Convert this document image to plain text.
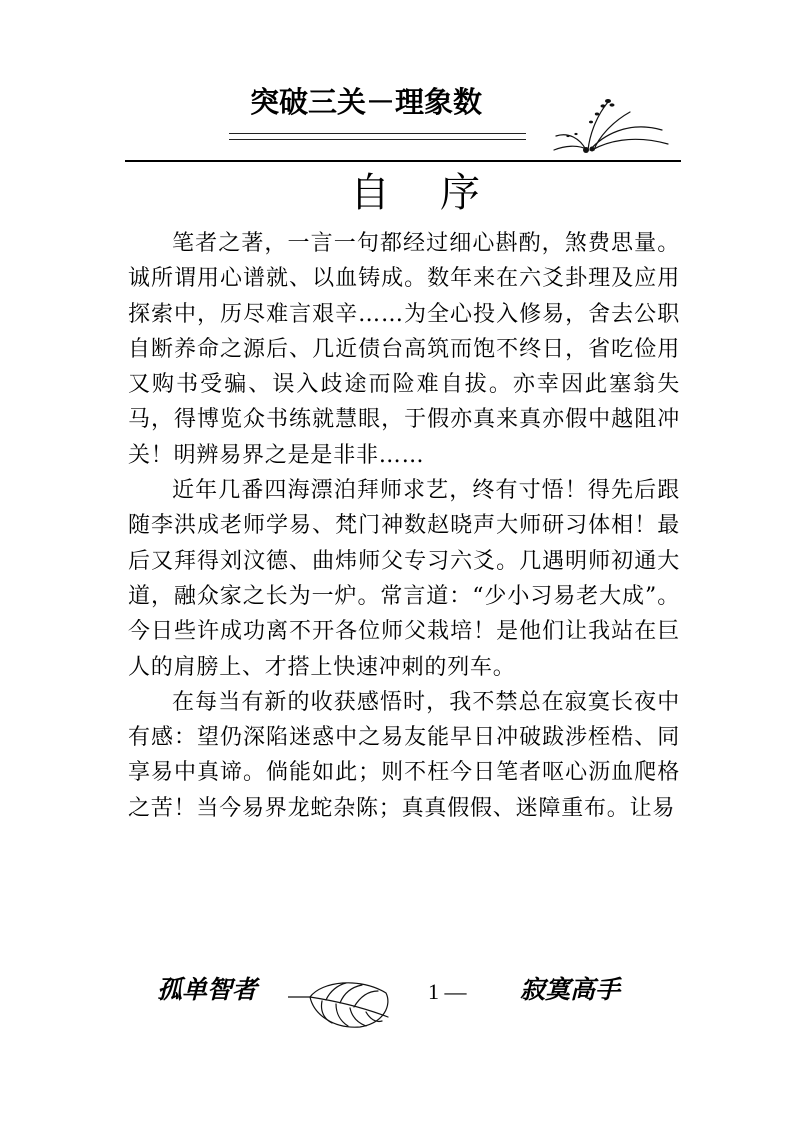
突破三关－理象数
自序

笔者之著，一言一句都经过细心斟酌，煞费思量。诚所谓用心谱就、以血铸成。数年来在六爻卦理及应用探索中，历尽难言艰辛……为全心投入修易，舍去公职自断养命之源后、几近债台高筑而饱不终日，省吃俭用又购书受骗、误入歧途而险难自拔。亦幸因此塞翁失马，得博览众书练就慧眼，于假亦真来真亦假中越阻冲关！明辨易界之是是非非……

近年几番四海漂泊拜师求艺，终有寸悟！得先后跟随李洪成老师学易、梵门神数赵晓声大师研习体相！最后又拜得刘汶德、曲炜师父专习六爻。几遇明师初通大道，融众家之长为一炉。常言道：“少小习易老大成”。今日些许成功离不开各位师父栽培！是他们让我站在巨人的肩膀上、才搭上快速冲刺的列车。

在每当有新的收获感悟时，我不禁总在寂寞长夜中有感：望仍深陷迷惑中之易友能早日冲破跋涉桎梏、同享易中真谛。倘能如此；则不枉今日笔者呕心沥血爬格之苦！当今易界龙蛇杂陈；真真假假、迷障重布。让易

孤单智者	1 — 寂寞高手
